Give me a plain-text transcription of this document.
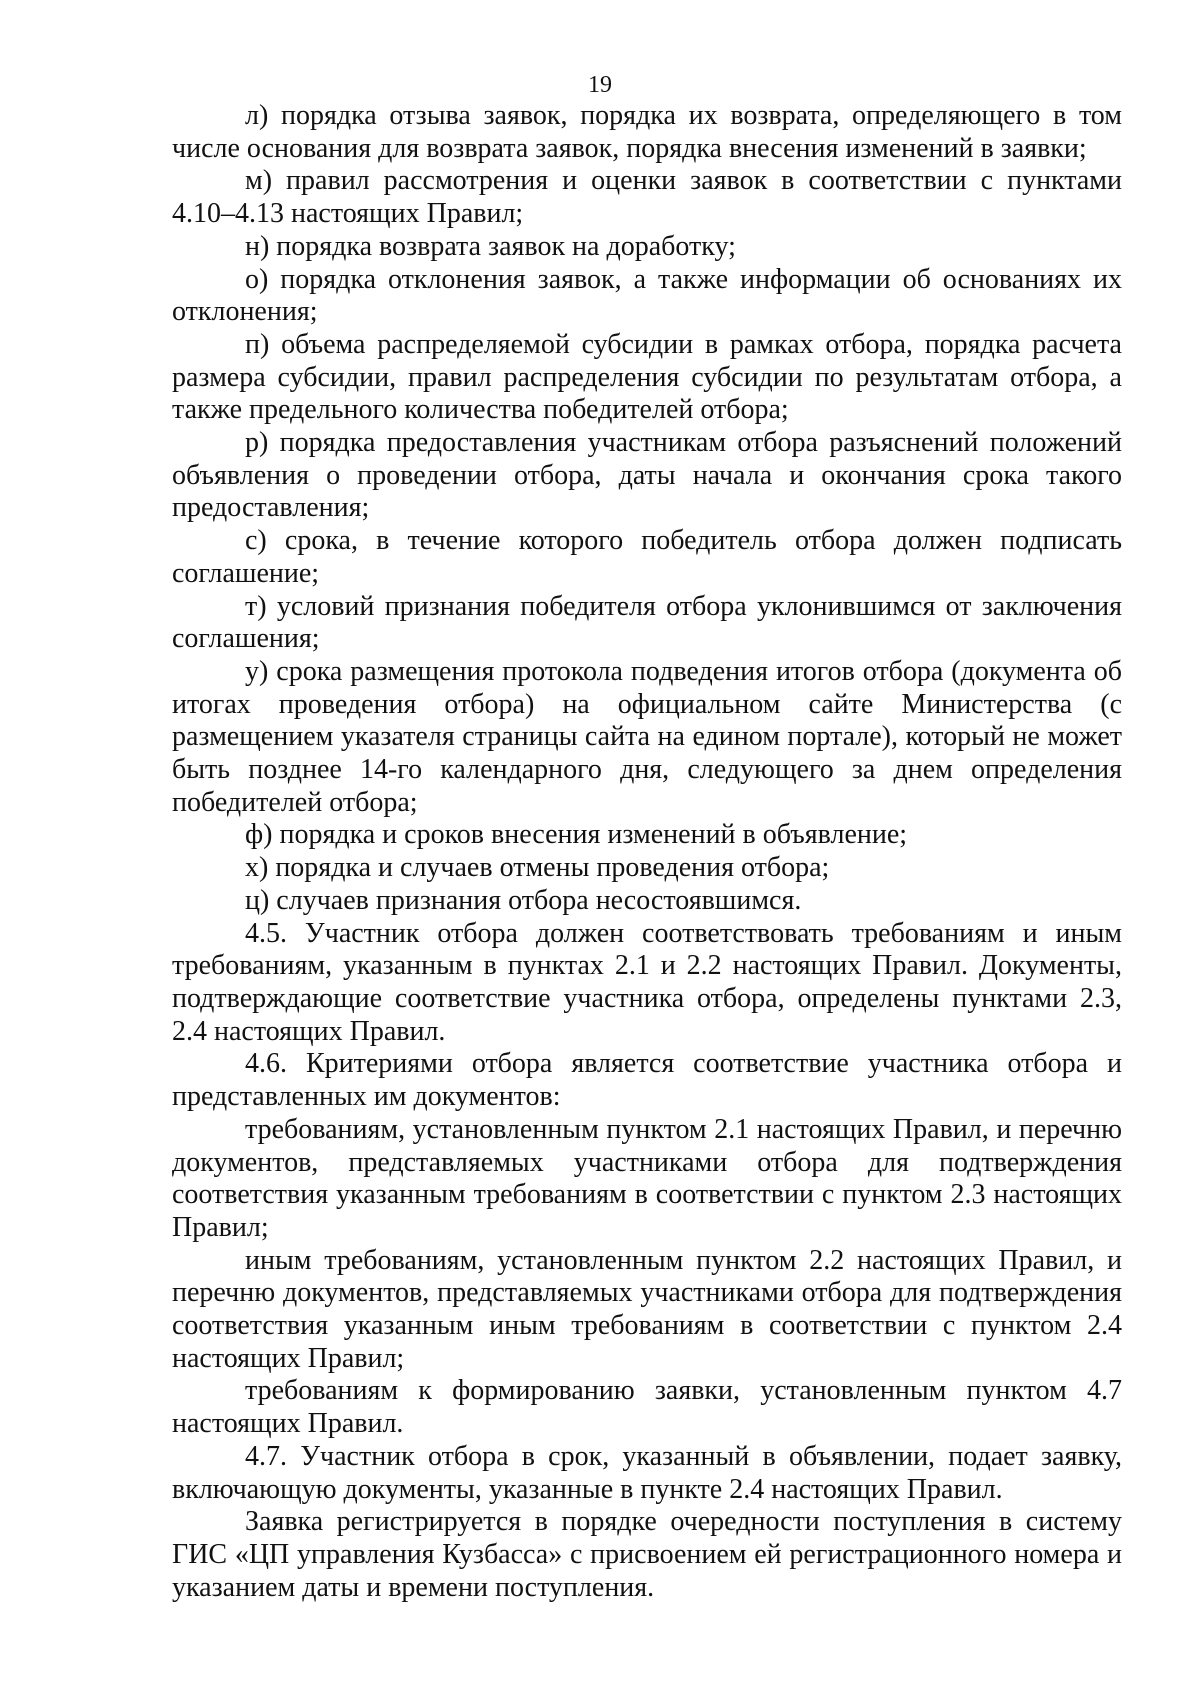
19

л) порядка отзыва заявок, порядка их возврата, определяющего в том числе основания для возврата заявок, порядка внесения изменений в заявки;

м) правил рассмотрения и оценки заявок в соответствии с пунктами 4.10–4.13 настоящих Правил;

н) порядка возврата заявок на доработку;

о) порядка отклонения заявок, а также информации об основаниях их отклонения;

п) объема распределяемой субсидии в рамках отбора, порядка расчета размера субсидии, правил распределения субсидии по результатам отбора, а также предельного количества победителей отбора;

р) порядка предоставления участникам отбора разъяснений положений объявления о проведении отбора, даты начала и окончания срока такого предоставления;

с) срока, в течение которого победитель отбора должен подписать соглашение;

т) условий признания победителя отбора уклонившимся от заключения соглашения;

у) срока размещения протокола подведения итогов отбора (документа об итогах проведения отбора) на официальном сайте Министерства (с размещением указателя страницы сайта на едином портале), который не может быть позднее 14-го календарного дня, следующего за днем определения победителей отбора;

ф) порядка и сроков внесения изменений в объявление;

х) порядка и случаев отмены проведения отбора;

ц) случаев признания отбора несостоявшимся.

4.5. Участник отбора должен соответствовать требованиям и иным требованиям, указанным в пунктах 2.1 и 2.2 настоящих Правил. Документы, подтверждающие соответствие участника отбора, определены пунктами 2.3, 2.4 настоящих Правил.

4.6. Критериями отбора является соответствие участника отбора и представленных им документов:

требованиям, установленным пунктом 2.1 настоящих Правил, и перечню документов, представляемых участниками отбора для подтверждения соответствия указанным требованиям в соответствии с пунктом 2.3 настоящих Правил;

иным требованиям, установленным пунктом 2.2 настоящих Правил, и перечню документов, представляемых участниками отбора для подтверждения соответствия указанным иным требованиям в соответствии с пунктом 2.4 настоящих Правил;

требованиям к формированию заявки, установленным пунктом 4.7 настоящих Правил.

4.7. Участник отбора в срок, указанный в объявлении, подает заявку, включающую документы, указанные в пункте 2.4 настоящих Правил.

Заявка регистрируется в порядке очередности поступления в систему ГИС «ЦП управления Кузбасса» с присвоением ей регистрационного номера и указанием даты и времени поступления.
